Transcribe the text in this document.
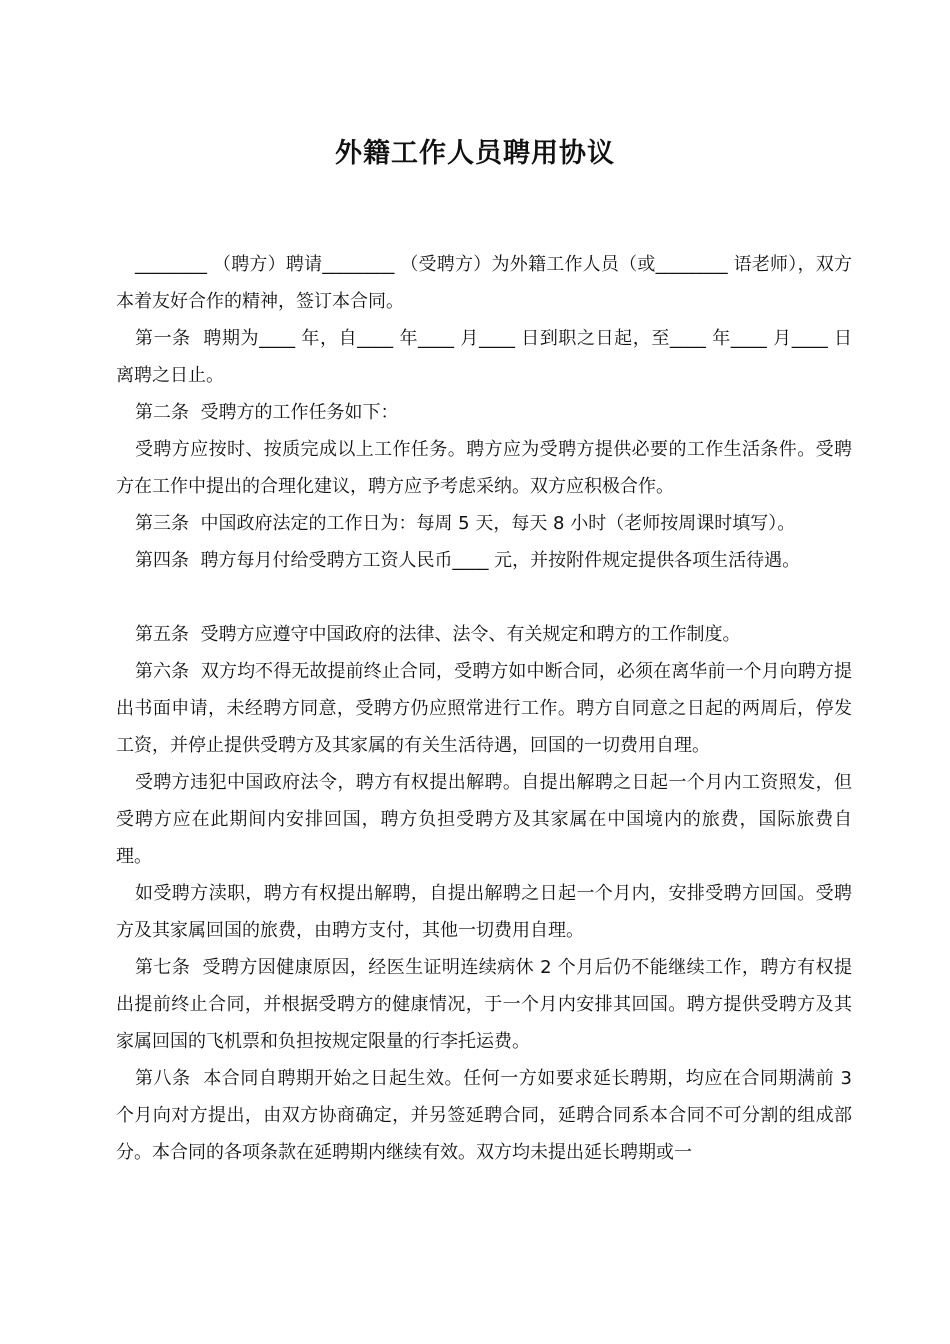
外籍工作人员聘用协议

________ （聘方）聘请________ （受聘方）为外籍工作人员（或________ 语老师），双方本着友好合作的精神，签订本合同。

第一条  聘期为____ 年，自____ 年____ 月____ 日到职之日起，至____ 年____ 月____ 日离聘之日止。

第二条  受聘方的工作任务如下：

受聘方应按时、按质完成以上工作任务。聘方应为受聘方提供必要的工作生活条件。受聘方在工作中提出的合理化建议，聘方应予考虑采纳。双方应积极合作。

第三条  中国政府法定的工作日为：每周 5 天，每天 8 小时（老师按周课时填写）。

第四条  聘方每月付给受聘方工资人民币____ 元，并按附件规定提供各项生活待遇。

第五条  受聘方应遵守中国政府的法律、法令、有关规定和聘方的工作制度。

第六条  双方均不得无故提前终止合同，受聘方如中断合同，必须在离华前一个月向聘方提出书面申请，未经聘方同意，受聘方仍应照常进行工作。聘方自同意之日起的两周后，停发工资，并停止提供受聘方及其家属的有关生活待遇，回国的一切费用自理。

受聘方违犯中国政府法令，聘方有权提出解聘。自提出解聘之日起一个月内工资照发，但受聘方应在此期间内安排回国，聘方负担受聘方及其家属在中国境内的旅费，国际旅费自理。

如受聘方渎职，聘方有权提出解聘，自提出解聘之日起一个月内，安排受聘方回国。受聘方及其家属回国的旅费，由聘方支付，其他一切费用自理。

第七条  受聘方因健康原因，经医生证明连续病休 2 个月后仍不能继续工作，聘方有权提出提前终止合同，并根据受聘方的健康情况，于一个月内安排其回国。聘方提供受聘方及其家属回国的飞机票和负担按规定限量的行李托运费。

第八条  本合同自聘期开始之日起生效。任何一方如要求延长聘期，均应在合同期满前 3 个月向对方提出，由双方协商确定，并另签延聘合同，延聘合同系本合同不可分割的组成部分。本合同的各项条款在延聘期内继续有效。双方均未提出延长聘期或一
